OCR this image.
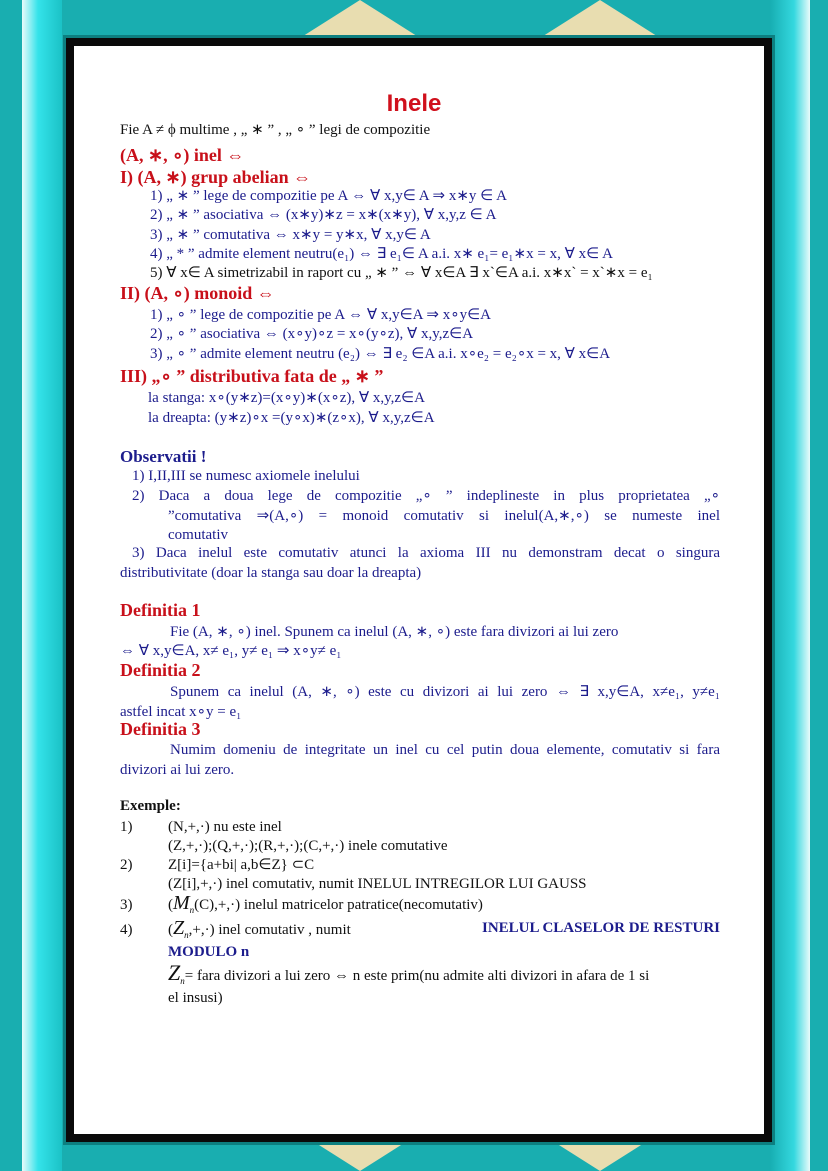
Inele
Fie A ≠ ϕ multime , „ ∗ ” , „ ∘ ” legi de compozitie
(A, ∗, ∘) inel ⇔
I) (A, ∗) grup abelian ⇔
1) „ ∗ ” lege de compozitie pe A ⇔ ∀ x,y∈ A ⇒ x∗y ∈ A
2) „ ∗ ” asociativa ⇔ (x∗y)∗z = x∗(x∗y), ∀ x,y,z ∈ A
3) „ ∗ ” comutativa ⇔ x∗y = y∗x, ∀ x,y∈ A
4) „ * ” admite element neutru(e₁) ⇔ ∃ e₁∈ A a.i. x∗ e₁= e₁∗x = x, ∀ x∈ A
5) ∀ x∈ A simetrizabil in raport cu „ ∗ ” ⇔ ∀ x∈A ∃ x`∈A a.i. x∗x` = x`∗x = e₁
II) (A, ∘) monoid ⇔
1) „ ∘ ” lege de compozitie pe A ⇔ ∀ x,y∈A ⇒ x∘y∈A
2) „ ∘ ” asociativa ⇔ (x∘y)∘z = x∘(y∘z), ∀ x,y,z∈A
3) „ ∘ ” admite element neutru (e₂) ⇔ ∃ e₂ ∈A a.i. x∘e₂ = e₂∘x = x, ∀ x∈A
III) „∘ ” distributiva fata de „ ∗ ”
la stanga: x∘(y∗z)=(x∘y)∗(x∘z), ∀ x,y,z∈A
la dreapta: (y∗z)∘x =(y∘x)∗(z∘x), ∀ x,y,z∈A
Observatii !
1) I,II,III se numesc axiomele inelului
2) Daca a doua lege de compozitie „∘ ” indeplineste in plus proprietatea „∘
”comutativa ⇒(A,∘) = monoid comutativ si inelul(A,∗,∘) se numeste inel
comutativ
3) Daca inelul este comutativ atunci la axioma III nu demonstram decat o singura
distributivitate (doar la stanga sau doar la dreapta)
Definitia 1
Fie (A, ∗, ∘) inel. Spunem ca inelul (A, ∗, ∘) este fara divizori ai lui zero
⇔ ∀ x,y∈A, x≠ e₁, y≠ e₁ ⇒ x∘y≠ e₁
Definitia 2
Spunem ca inelul (A, ∗, ∘) este cu divizori ai lui zero ⇔ ∃ x,y∈A, x≠e₁, y≠e₁
astfel incat x∘y = e₁
Definitia 3
Numim domeniu de integritate un inel cu cel putin doua elemente, comutativ si fara
divizori ai lui zero.
Exemple:
1) (N,+,·) nu este inel
(Z,+,·);(Q,+,·);(R,+,·);(C,+,·) inele comutative
2) Z[i]={a+bi| a,b∈Z} ⊂C
(Z[i],+,·) inel comutativ, numit INELUL INTREGILOR LUI GAUSS
3) $(M_n(C),+,\cdot)$ inelul matricelor patratice(necomutativ)
4) $(Z_n,+,\cdot)$ inel comutativ , numit	INELUL CLASELOR DE RESTURI
MODULO n
$Z_n=$ fara divizori a lui zero ⇔ n este prim(nu admite alti divizori in afara de 1 si
el insusi)
